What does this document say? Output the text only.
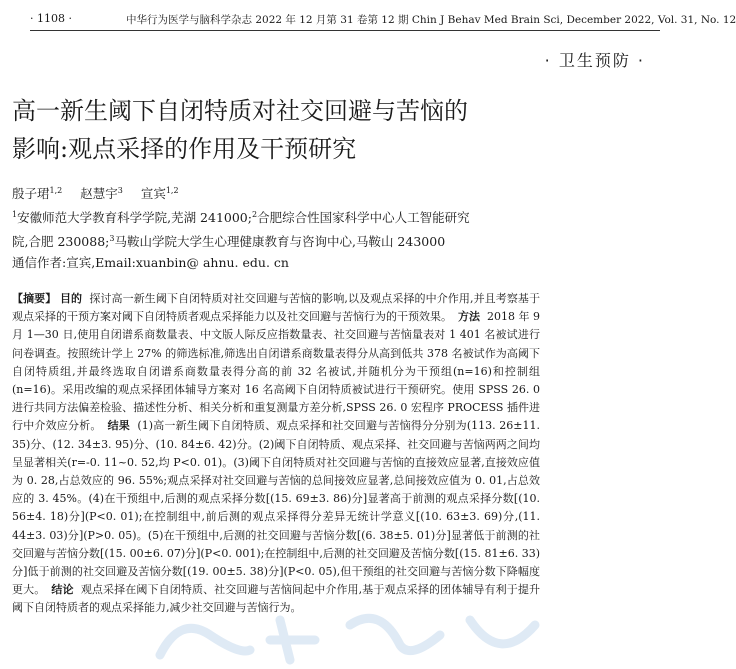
· 1108 ·	中华行为医学与脑科学杂志 2022 年 12 月第 31 卷第 12 期 Chin J Behav Med Brain Sci, December 2022, Vol. 31, No. 12
· 卫生预防 ·
高一新生阈下自闭特质对社交回避与苦恼的
影响:观点采择的作用及干预研究
殷子珺$^{1,2}$ 赵慧宇$^3$ 宣宾$^{1,2}$
$^1$安徽师范大学教育科学学院,芜湖 241000;$^2$合肥综合性国家科学中心人工智能研究
院,合肥 230088;$^3$马鞍山学院大学生心理健康教育与咨询中心,马鞍山 243000
通信作者:宣宾,Email:xuanbin@ ahnu. edu. cn

【摘要】 目的 探讨高一新生阈下自闭特质对社交回避与苦恼的影响,以及观点采择的中介作用,并且考察基于观点采择的干预方案对阈下自闭特质者观点采择能力以及社交回避与苦恼行为的干预效果。 方法 2018 年 9 月 1—30 日,使用自闭谱系商数量表、中文版人际反应指数量表、社交回避与苦恼量表对 1 401 名被试进行问卷调查。按照统计学上 27% 的筛选标准,筛选出自闭谱系商数量表得分从高到低共 378 名被试作为高阈下自闭特质组,并最终选取自闭谱系商数量表得分高的前 32 名被试,并随机分为干预组(n=16)和控制组(n=16)。采用改编的观点采择团体辅导方案对 16 名高阈下自闭特质被试进行干预研究。使用 SPSS 26. 0 进行共同方法偏差检验、描述性分析、相关分析和重复测量方差分析,SPSS 26. 0 宏程序 PROCESS 插件进行中介效应分析。 结果 (1)高一新生阈下自闭特质、观点采择和社交回避与苦恼得分分别为(113. 26±11. 35)分、(12. 34±3. 95)分、(10. 84±6. 42)分。(2)阈下自闭特质、观点采择、社交回避与苦恼两两之间均呈显著相关(r=-0. 11~0. 52,均 P<0. 01)。(3)阈下自闭特质对社交回避与苦恼的直接效应显著,直接效应值为 0. 28,占总效应的 96. 55%;观点采择对社交回避与苦恼的总间接效应显著,总间接效应值为 0. 01,占总效应的 3. 45%。(4)在干预组中,后测的观点采择分数[(15. 69±3. 86)分]显著高于前测的观点采择分数[(10. 56±4. 18)分](P<0. 01);在控制组中,前后测的观点采择得分差异无统计学意义[(10. 63±3. 69)分,(11. 44±3. 03)分](P>0. 05)。(5)在干预组中,后测的社交回避与苦恼分数[(6. 38±5. 01)分]显著低于前测的社交回避与苦恼分数[(15. 00±6. 07)分](P<0. 001);在控制组中,后测的社交回避及苦恼分数[(15. 81±6. 33)分]低于前测的社交回避及苦恼分数[(19. 00±5. 38)分](P<0. 05),但干预组的社交回避与苦恼分数下降幅度更大。 结论 观点采择在阈下自闭特质、社交回避与苦恼间起中介作用,基于观点采择的团体辅导有利于提升阈下自闭特质者的观点采择能力,减少社交回避与苦恼行为。
